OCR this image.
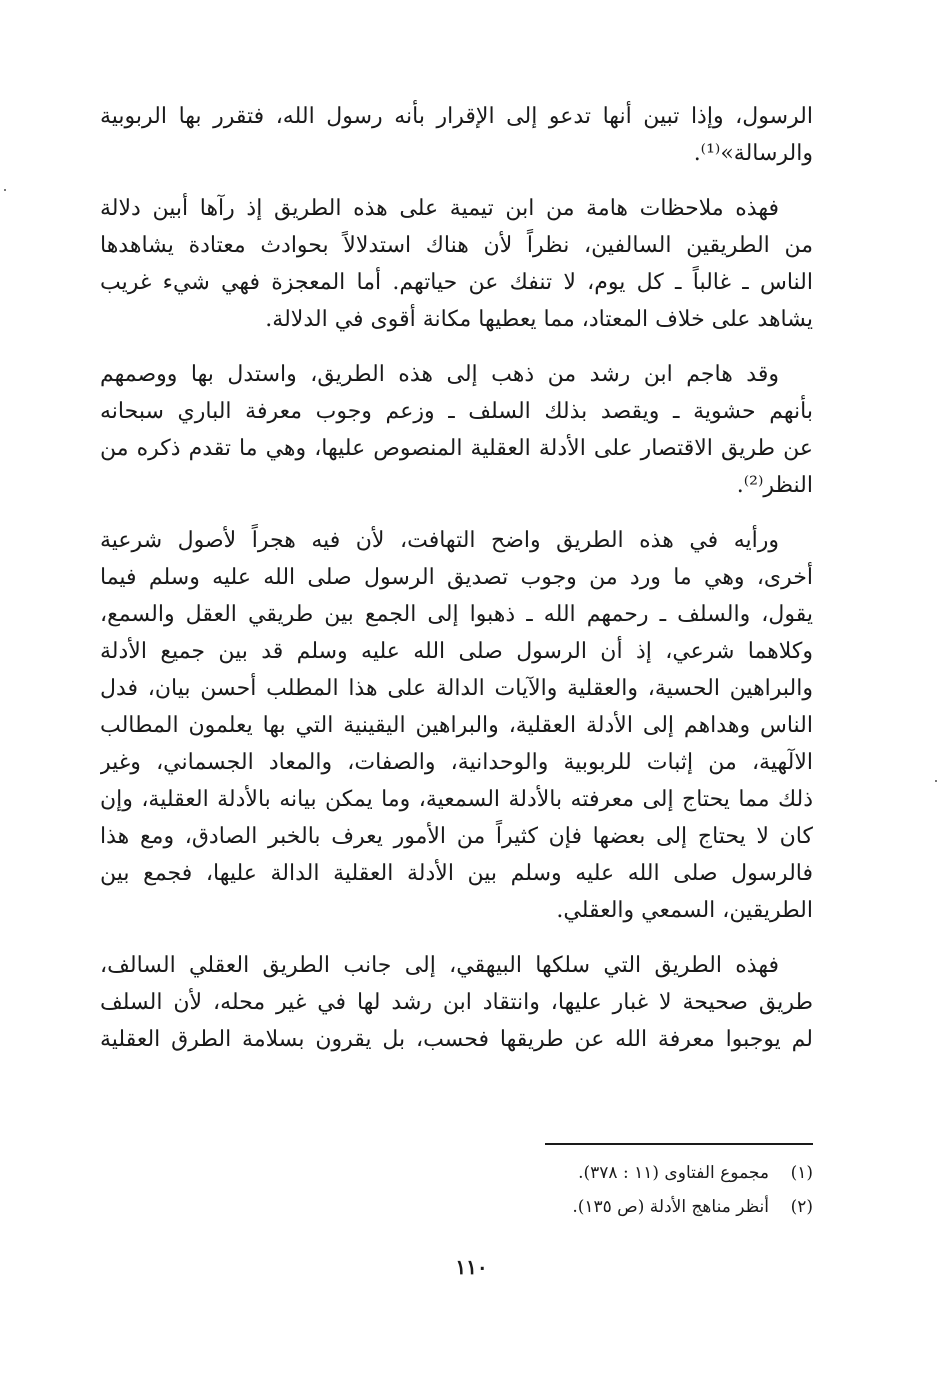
الرسول، وإذا تبين أنها تدعو إلى الإقرار بأنه رسول الله، فتقرر بها الربوبية
والرسالة»⁽¹⁾.

فهذه ملاحظات هامة من ابن تيمية على هذه الطريق إذ رآها أبين دلالة
من الطريقين السالفين، نظراً لأن هناك استدلالاً بحوادث معتادة يشاهدها
الناس ـ غالباً ـ كل يوم، لا تنفك عن حياتهم. أما المعجزة فهي شيء غريب
يشاهد على خلاف المعتاد، مما يعطيها مكانة أقوى في الدلالة.

وقد هاجم ابن رشد من ذهب إلى هذه الطريق، واستدل بها ووصمهم
بأنهم حشوية ـ ويقصد بذلك السلف ـ وزعم وجوب معرفة الباري سبحانه
عن طريق الاقتصار على الأدلة العقلية المنصوص عليها، وهي ما تقدم ذكره من
النظر⁽²⁾.

ورأيه في هذه الطريق واضح التهافت، لأن فيه هجراً لأصول شرعية
أخرى، وهي ما ورد من وجوب تصديق الرسول صلى الله عليه وسلم فيما
يقول، والسلف ـ رحمهم الله ـ ذهبوا إلى الجمع بين طريقي العقل والسمع،
وكلاهما شرعي، إذ أن الرسول صلى الله عليه وسلم قد بين جميع الأدلة
والبراهين الحسية، والعقلية والآيات الدالة على هذا المطلب أحسن بيان، فدل
الناس وهداهم إلى الأدلة العقلية، والبراهين اليقينية التي بها يعلمون المطالب
الالٓهية، من إثبات للربوبية والوحدانية، والصفات، والمعاد الجسماني، وغير
ذلك مما يحتاج إلى معرفته بالأدلة السمعية، وما يمكن بيانه بالأدلة العقلية، وإن
كان لا يحتاج إلى بعضها فإن كثيراً من الأمور يعرف بالخبر الصادق، ومع هذا
فالرسول صلى الله عليه وسلم بين الأدلة العقلية الدالة عليها، فجمع بين
الطريقين، السمعي والعقلي.

فهذه الطريق التي سلكها البيهقي، إلى جانب الطريق العقلي السالف،
طريق صحيحة لا غبار عليها، وانتقاد ابن رشد لها في غير محله، لأن السلف
لم يوجبوا معرفة الله عن طريقها فحسب، بل يقرون بسلامة الطرق العقلية

(١)
مجموع الفتاوى (١١ : ٣٧٨).
(٢)
أنظر مناهج الأدلة (ص ١٣٥).
١١٠
